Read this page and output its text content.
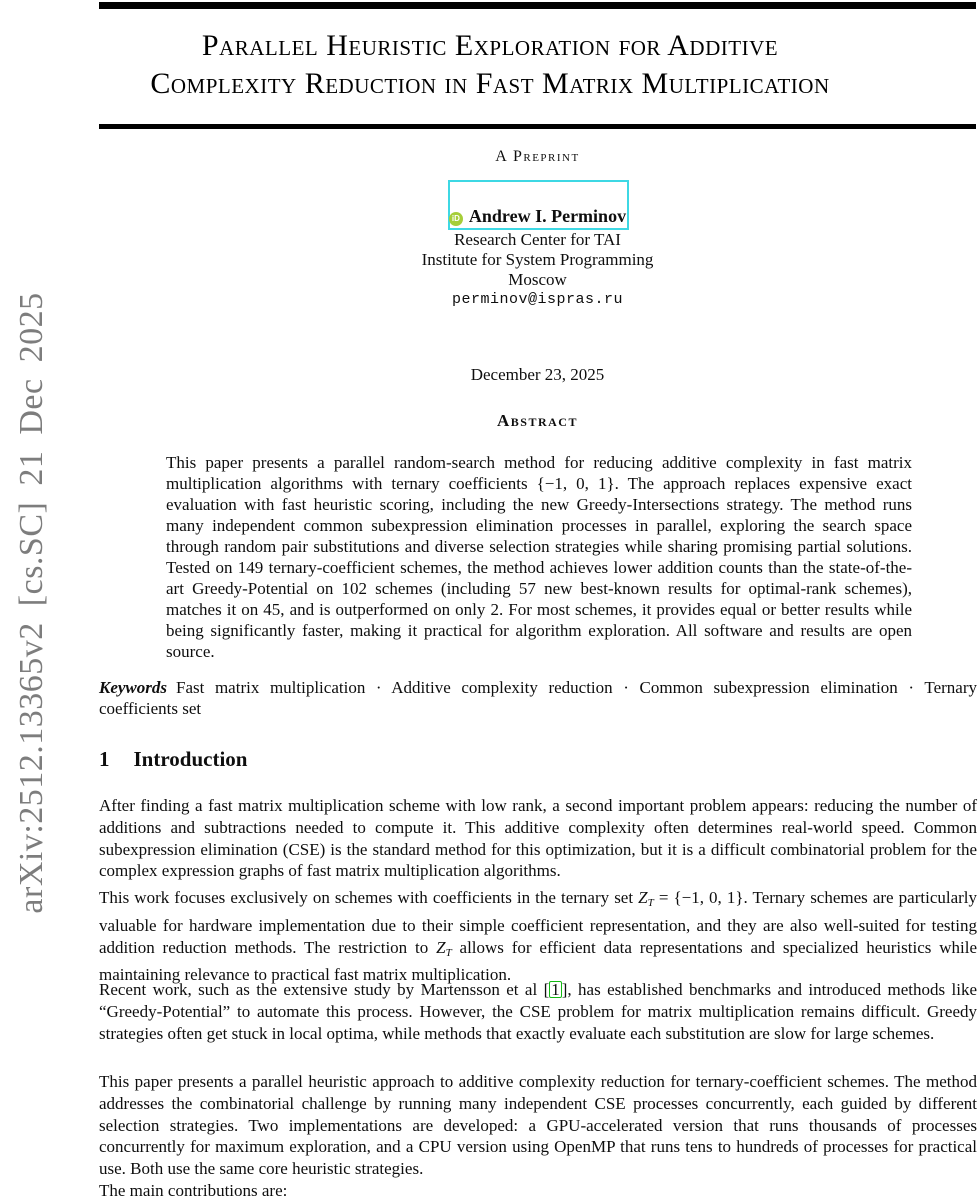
arXiv:2512.13365v2 [cs.SC] 21 Dec 2025
Parallel Heuristic Exploration for Additive
Complexity Reduction in Fast Matrix Multiplication
A Preprint
iD Andrew I. Perminov
Research Center for TAI
Institute for System Programming
Moscow
perminov@ispras.ru
December 23, 2025
Abstract
This paper presents a parallel random-search method for reducing additive complexity in fast matrix multiplication algorithms with ternary coefficients {−1, 0, 1}. The approach replaces expensive exact evaluation with fast heuristic scoring, including the new Greedy-Intersections strategy. The method runs many independent common subexpression elimination processes in parallel, exploring the search space through random pair substitutions and diverse selection strategies while sharing promising partial solutions. Tested on 149 ternary-coefficient schemes, the method achieves lower addition counts than the state-of-the-art Greedy-Potential on 102 schemes (including 57 new best-known results for optimal-rank schemes), matches it on 45, and is outperformed on only 2. For most schemes, it provides equal or better results while being significantly faster, making it practical for algorithm exploration. All software and results are open source.
Keywords Fast matrix multiplication · Additive complexity reduction · Common subexpression elimination · Ternary coefficients set
1 Introduction
After finding a fast matrix multiplication scheme with low rank, a second important problem appears: reducing the number of additions and subtractions needed to compute it. This additive complexity often determines real-world speed. Common subexpression elimination (CSE) is the standard method for this optimization, but it is a difficult combinatorial problem for the complex expression graphs of fast matrix multiplication algorithms.
This work focuses exclusively on schemes with coefficients in the ternary set ZT = {−1, 0, 1}. Ternary schemes are particularly valuable for hardware implementation due to their simple coefficient representation, and they are also well-suited for testing addition reduction methods. The restriction to ZT allows for efficient data representations and specialized heuristics while maintaining relevance to practical fast matrix multiplication.
Recent work, such as the extensive study by Martensson et al [ 1 ], has established benchmarks and introduced methods like “Greedy-Potential” to automate this process. However, the CSE problem for matrix multiplication remains difficult. Greedy strategies often get stuck in local optima, while methods that exactly evaluate each substitution are slow for large schemes.
This paper presents a parallel heuristic approach to additive complexity reduction for ternary-coefficient schemes. The method addresses the combinatorial challenge by running many independent CSE processes concurrently, each guided by different selection strategies. Two implementations are developed: a GPU-accelerated version that runs thousands of processes concurrently for maximum exploration, and a CPU version using OpenMP that runs tens to hundreds of processes for practical use. Both use the same core heuristic strategies.
The main contributions are:
